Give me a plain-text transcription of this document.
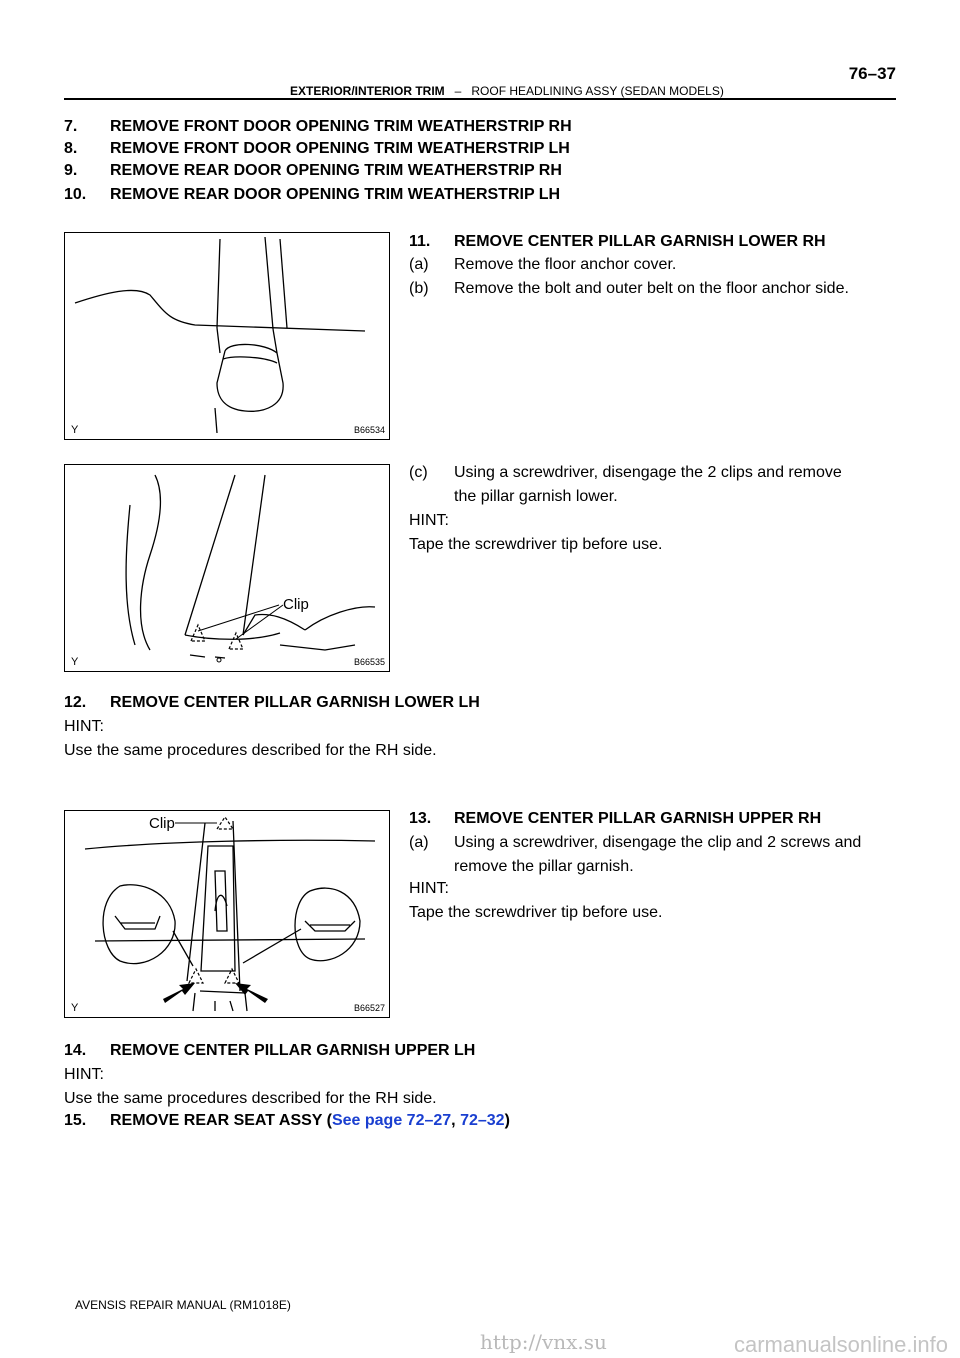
76–37
EXTERIOR/INTERIOR TRIM – ROOF HEADLINING ASSY (SEDAN MODELS)
7. REMOVE FRONT DOOR OPENING TRIM WEATHERSTRIP RH
8. REMOVE FRONT DOOR OPENING TRIM WEATHERSTRIP LH
9. REMOVE REAR DOOR OPENING TRIM WEATHERSTRIP RH
10. REMOVE REAR DOOR OPENING TRIM WEATHERSTRIP LH
Y	B66534
11. REMOVE CENTER PILLAR GARNISH LOWER RH
(a) Remove the floor anchor cover.
(b) Remove the bolt and outer belt on the floor anchor side.
Clip
Y	B66535
(c) Using a screwdriver, disengage the 2 clips and remove
the pillar garnish lower.
HINT:
Tape the screwdriver tip before use.
12. REMOVE CENTER PILLAR GARNISH LOWER LH
HINT:
Use the same procedures described for the RH side.
Clip
Y	B66527
13. REMOVE CENTER PILLAR GARNISH UPPER RH
(a) Using a screwdriver, disengage the clip and 2 screws and
remove the pillar garnish.
HINT:
Tape the screwdriver tip before use.
14. REMOVE CENTER PILLAR GARNISH UPPER LH
HINT:
Use the same procedures described for the RH side.
15. REMOVE REAR SEAT ASSY (See page 72–27, 72–32)
AVENSIS REPAIR MANUAL (RM1018E)
http://vnx.su	carmanualsonline.info
